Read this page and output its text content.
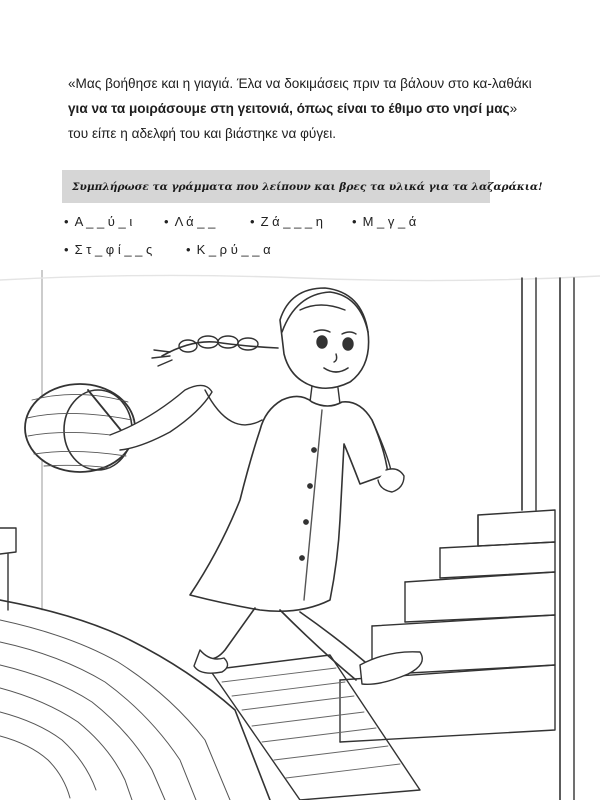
«Μας βοήθησε και η γιαγιά. Έλα να δοκιμάσεις πριν τα βάλουν στο κα-λαθάκι για να τα μοιράσουμε στη γειτονιά, όπως είναι το έθιμο στο νησί μας» του είπε η αδελφή του και βιάστηκε να φύγει.
Συμπλήρωσε τα γράμματα που λείπουν και βρες τα υλικά για τα λαζαράκια!
• Α _ _ ύ _ ι • Λ ά _ _	• Ζ ά _ _ _ η • Μ _ γ _ ά
• Σ τ _ φ ί _ _ ς	• Κ _ ρ ύ _ _ α
